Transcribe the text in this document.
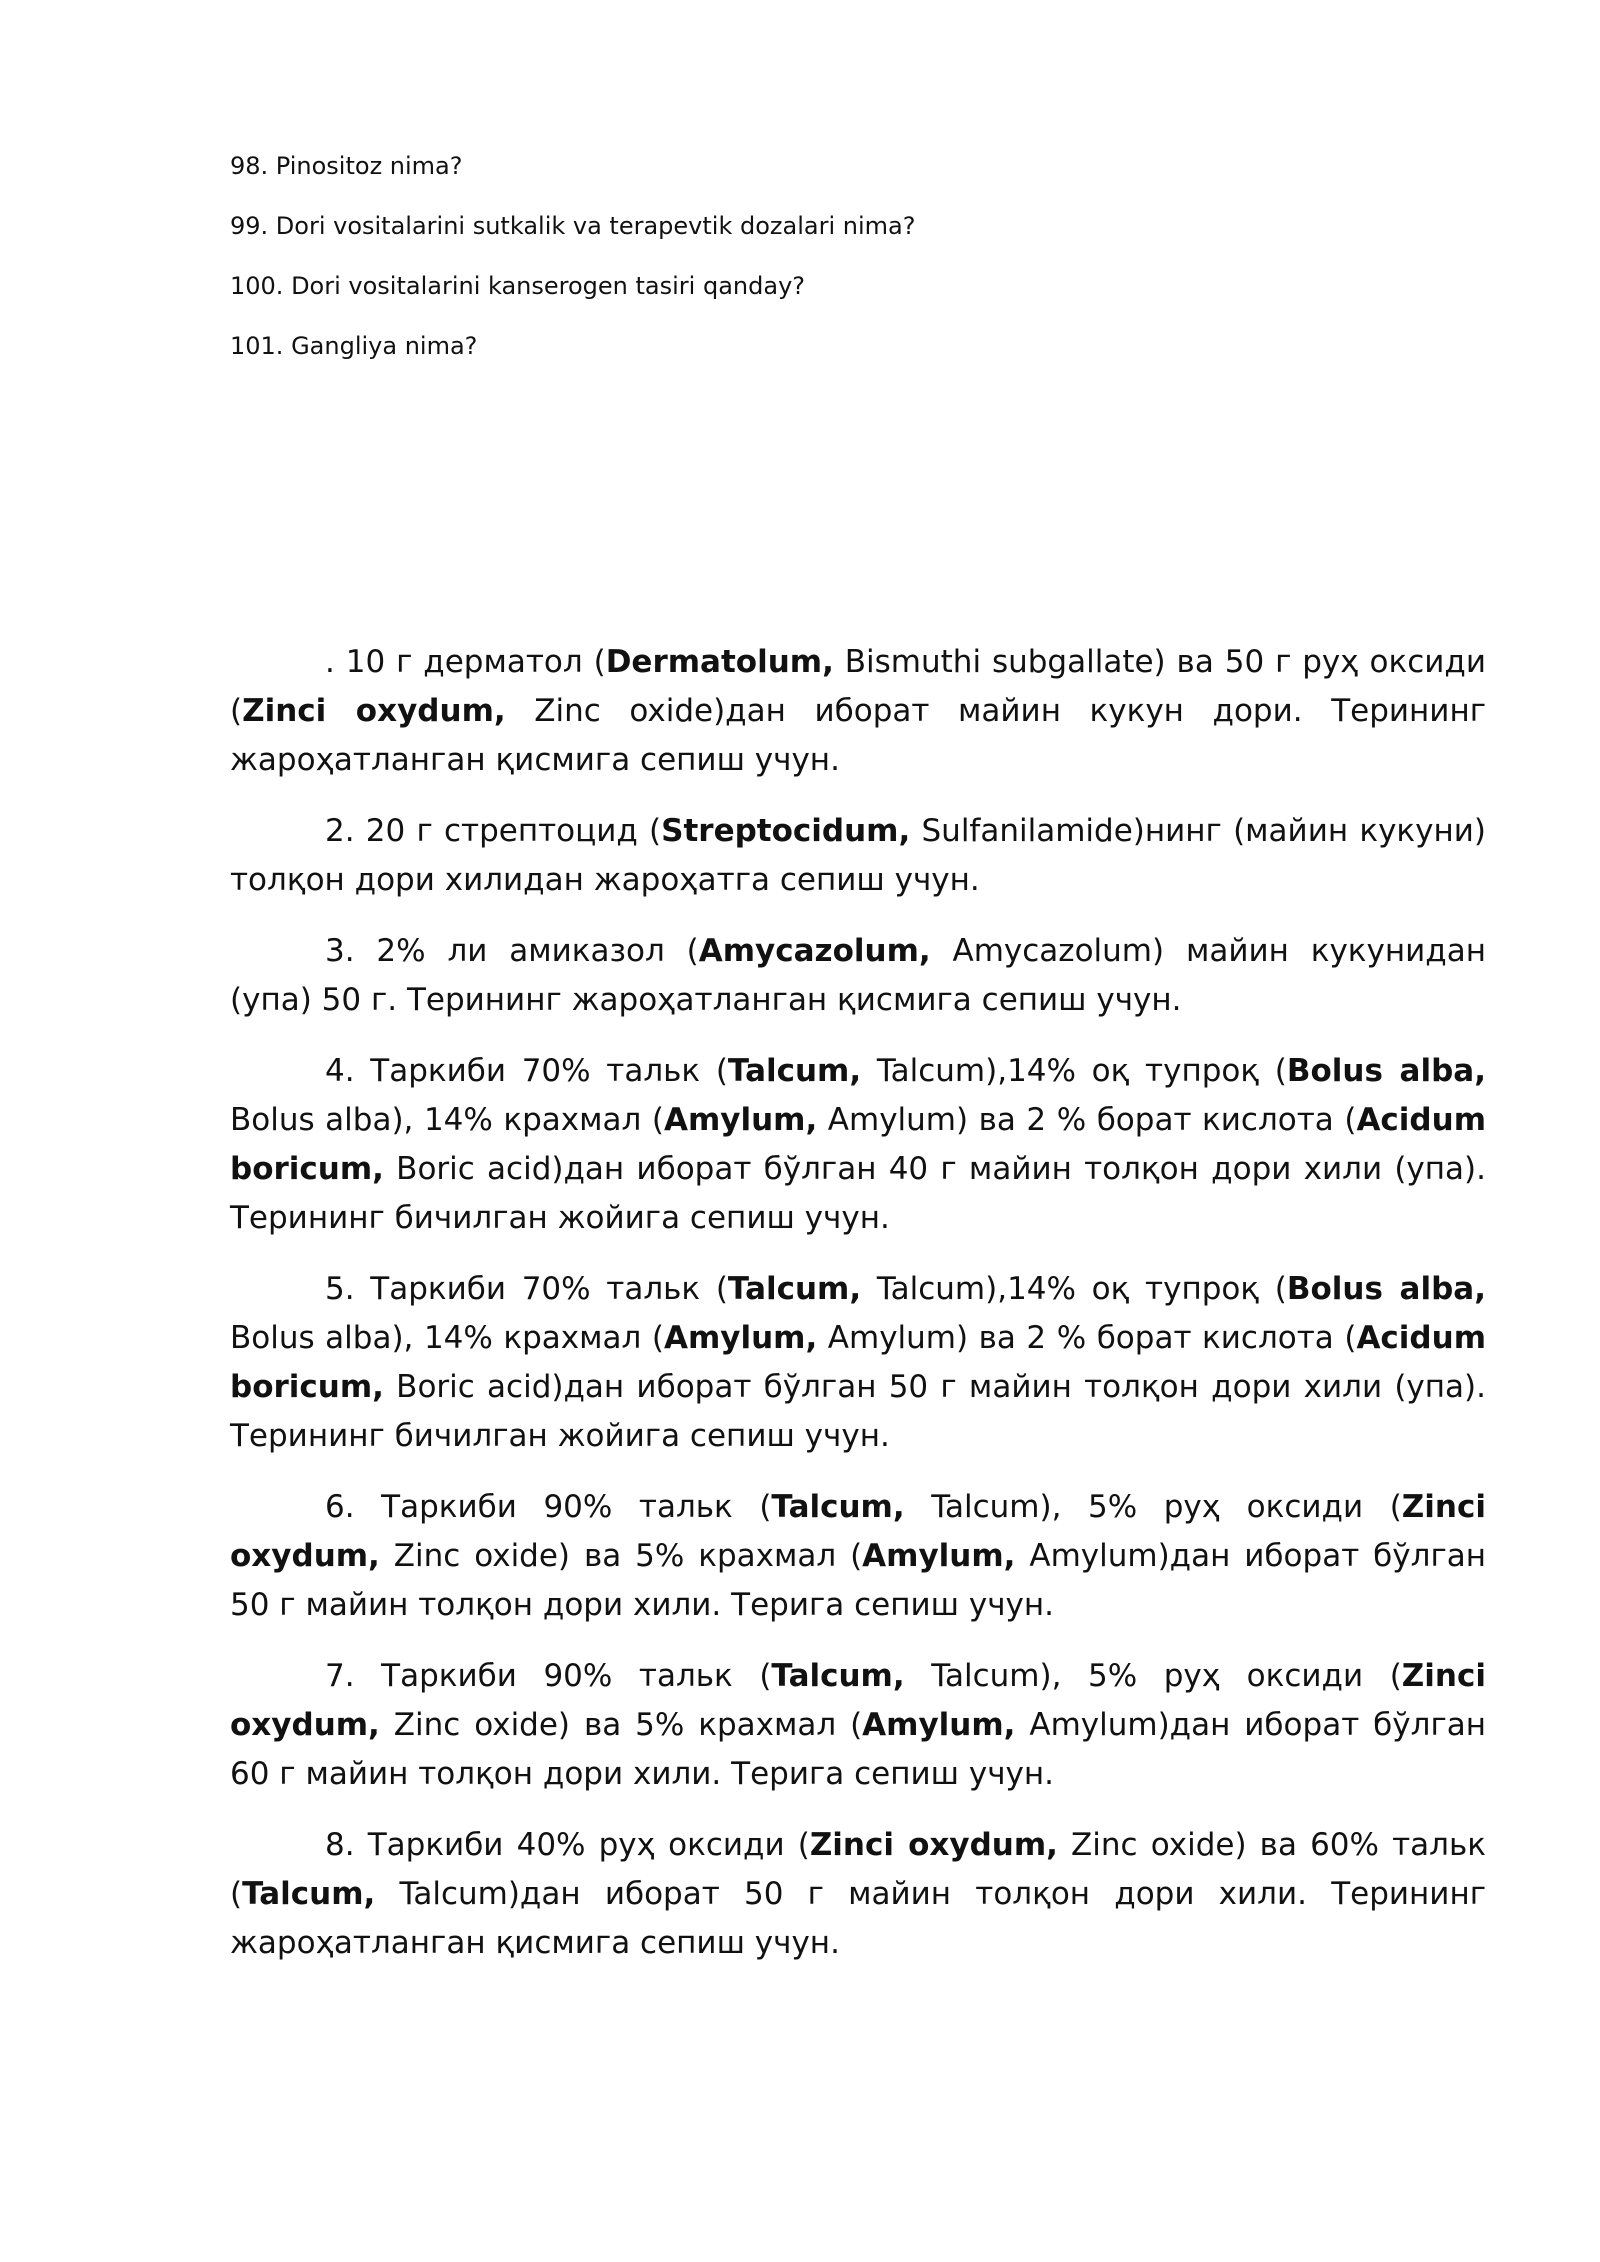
98. Pinositoz nima?

99. Dori vositalarini sutkalik va terapevtik dozalari nima?

100. Dori vositalarini kanserogen tasiri qanday?

101. Gangliya nima?

. 10 г дерматол (Dermatolum, Bismuthi subgallate) ва 50 г руҳ оксиди (Zinci oxydum, Zinc oxide)дан иборат майин кукун дори. Терининг жароҳатланган қисмига сепиш учун.

2. 20 г стрептоцид (Streptocidum, Sulfanilamide)нинг (майин кукуни) толқон дори хилидан жароҳатга сепиш учун.

3. 2% ли амиказол (Amycazolum, Amycazolum) майин кукунидан (упа) 50 г. Терининг жароҳатланган қисмига сепиш учун.

4. Таркиби 70% тальк (Talcum, Talcum),14% оқ тупроқ (Bolus alba, Bolus alba), 14% крахмал (Amylum, Amylum) ва 2 % борат кислота (Acidum boricum, Boric acid)дан иборат бўлган 40 г майин толқон дори хили (упа). Терининг бичилган жойига сепиш учун.

5. Таркиби 70% тальк (Talcum, Talcum),14% оқ тупроқ (Bolus alba, Bolus alba), 14% крахмал (Amylum, Amylum) ва 2 % борат кислота (Acidum boricum, Boric acid)дан иборат бўлган 50 г майин толқон дори хили (упа). Терининг бичилган жойига сепиш учун.

6. Таркиби 90% тальк (Talcum, Talcum), 5% руҳ оксиди (Zinci oxydum, Zinc oxide) ва 5% крахмал (Amylum, Amylum)дан иборат бўлган 50 г майин толқон дори хили. Терига сепиш учун.

7. Таркиби 90% тальк (Talcum, Talcum), 5% руҳ оксиди (Zinci oxydum, Zinc oxide) ва 5% крахмал (Amylum, Amylum)дан иборат бўлган 60 г майин толқон дори хили. Терига сепиш учун.

8. Таркиби 40% руҳ оксиди (Zinci oxydum, Zinc oxide) ва 60% тальк (Talcum, Talcum)дан иборат 50 г майин толқон дори хили. Терининг жароҳатланган қисмига сепиш учун.
